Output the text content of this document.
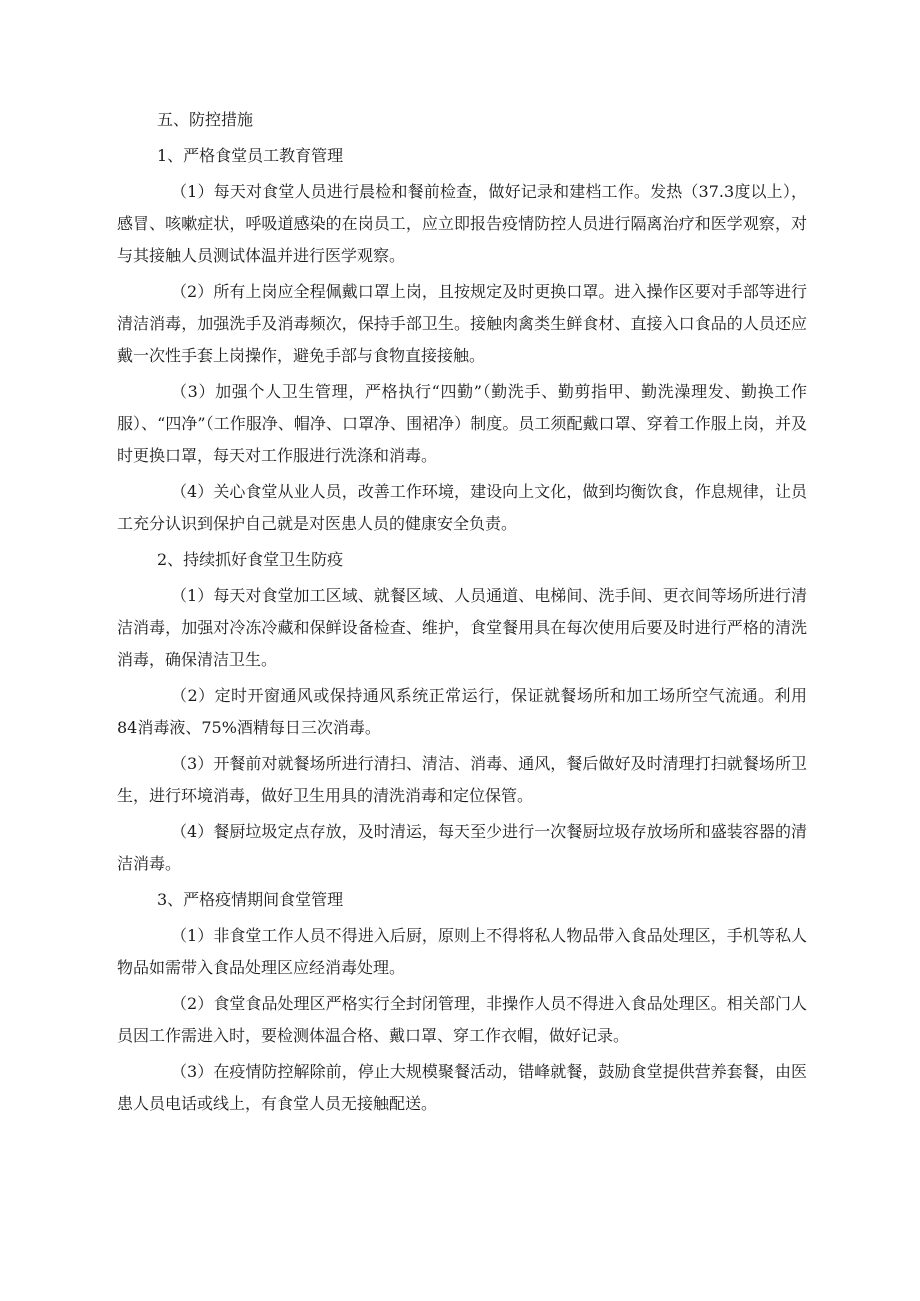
五、防控措施

1、严格食堂员工教育管理

（1）每天对食堂人员进行晨检和餐前检查，做好记录和建档工作。发热（37.3度以上），感冒、咳嗽症状，呼吸道感染的在岗员工，应立即报告疫情防控人员进行隔离治疗和医学观察，对与其接触人员测试体温并进行医学观察。

（2）所有上岗应全程佩戴口罩上岗，且按规定及时更换口罩。进入操作区要对手部等进行清洁消毒，加强洗手及消毒频次，保持手部卫生。接触肉禽类生鲜食材、直接入口食品的人员还应戴一次性手套上岗操作，避免手部与食物直接接触。

（3）加强个人卫生管理，严格执行“四勤”（勤洗手、勤剪指甲、勤洗澡理发、勤换工作服）、“四净”（工作服净、帽净、口罩净、围裙净）制度。员工须配戴口罩、穿着工作服上岗，并及时更换口罩，每天对工作服进行洗涤和消毒。

（4）关心食堂从业人员，改善工作环境，建设向上文化，做到均衡饮食，作息规律，让员工充分认识到保护自己就是对医患人员的健康安全负责。

2、持续抓好食堂卫生防疫

（1）每天对食堂加工区域、就餐区域、人员通道、电梯间、洗手间、更衣间等场所进行清洁消毒，加强对冷冻冷藏和保鲜设备检查、维护，食堂餐用具在每次使用后要及时进行严格的清洗消毒，确保清洁卫生。

（2）定时开窗通风或保持通风系统正常运行，保证就餐场所和加工场所空气流通。利用84消毒液、75%酒精每日三次消毒。

（3）开餐前对就餐场所进行清扫、清洁、消毒、通风，餐后做好及时清理打扫就餐场所卫生，进行环境消毒，做好卫生用具的清洗消毒和定位保管。

（4）餐厨垃圾定点存放，及时清运，每天至少进行一次餐厨垃圾存放场所和盛装容器的清洁消毒。

3、严格疫情期间食堂管理

（1）非食堂工作人员不得进入后厨，原则上不得将私人物品带入食品处理区，手机等私人物品如需带入食品处理区应经消毒处理。

（2）食堂食品处理区严格实行全封闭管理，非操作人员不得进入食品处理区。相关部门人员因工作需进入时，要检测体温合格、戴口罩、穿工作衣帽，做好记录。

（3）在疫情防控解除前，停止大规模聚餐活动，错峰就餐，鼓励食堂提供营养套餐，由医患人员电话或线上，有食堂人员无接触配送。
